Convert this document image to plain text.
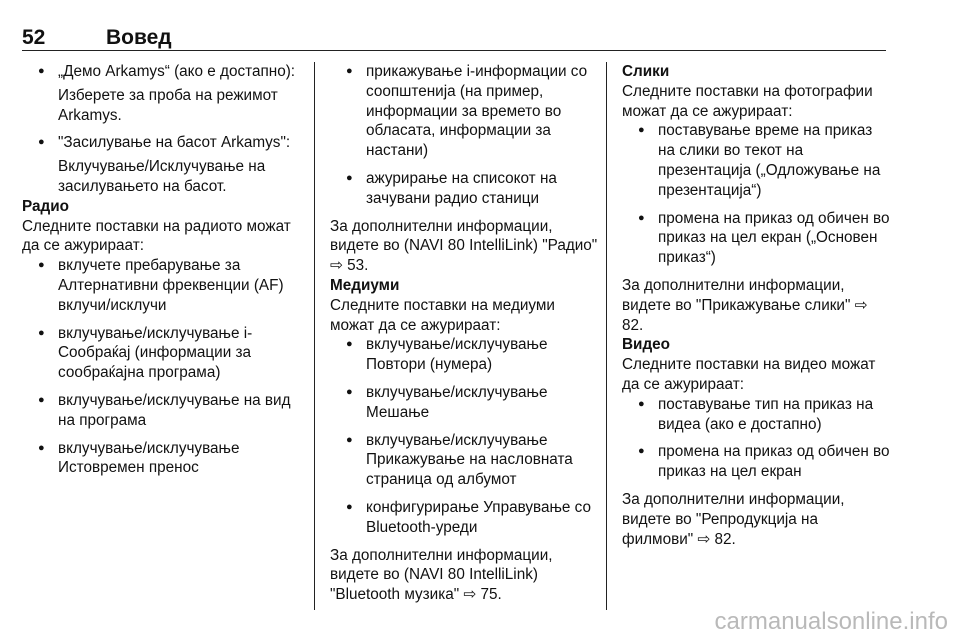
52	Вовед

● „Демо Arkamys“ (ако е достапно):

Изберете за проба на режимот Arkamys.

● "Засилување на басот Arkamys":

Вклучување/Исклучување на засилувањето на басот.

Радио

Следните поставки на радиото можат да се ажурираат:

● вклучете пребарување за Алтернативни фреквенции (AF) вклучи/исклучи
● вклучување/исклучување і-Сообраќај (информации за сообраќајна програма)
● вклучување/исклучување на вид на програма
● вклучување/исклучување Истовремен пренос
● прикажување і-информации со соопштенија (на пример, информации за времето во обласата, информации за настани)
● ажурирање на списокот на зачувани радио станици

За дополнителни информации, видете во (NAVI 80 IntelliLink) "Радио" ⇨ 53.

Медиуми

Следните поставки на медиуми можат да се ажурираат:

● вклучување/исклучување Повтори (нумера)
● вклучување/исклучување Мешање
● вклучување/исклучување Прикажување на насловната страница од албумот
● конфигурирање Управување со Bluetooth-уреди

За дополнителни информации, видете во (NAVI 80 IntelliLink) "Bluetooth музика" ⇨ 75.

Слики

Следните поставки на фотографии можат да се ажурираат:

● поставување време на приказ на слики во текот на презентација („Одложување на презентација“)
● промена на приказ од обичен во приказ на цел екран („Основен приказ“)

За дополнителни информации, видете во "Прикажување слики" ⇨ 82.

Видео

Следните поставки на видео можат да се ажурираат:

● поставување тип на приказ на видеа (ако е достапно)
● промена на приказ од обичен во приказ на цел екран

За дополнителни информации, видете во "Репродукција на филмови" ⇨ 82.

carmanualsonline.info
